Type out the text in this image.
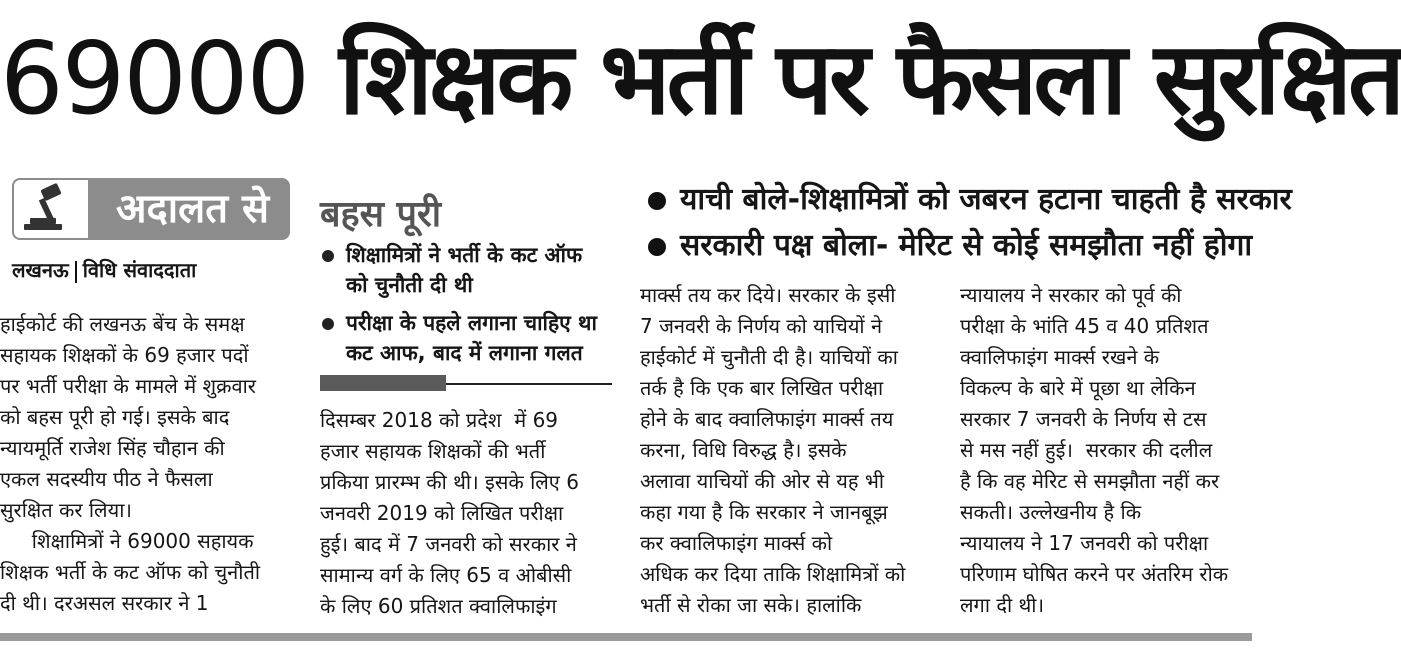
69000 शिक्षक भर्ती पर फैसला सुरक्षित
अदालत से
लखनऊ विधि संवाददाता

हाईकोर्ट की लखनऊ बेंच के समक्ष

सहायक शिक्षकों के 69 हजार पदों

पर भर्ती परीक्षा के मामले में शुक्रवार

को बहस पूरी हो गई। इसके बाद

न्यायमूर्ति राजेश सिंह चौहान की

एकल सदस्यीय पीठ ने फैसला

सुरक्षित कर लिया।

शिक्षामित्रों ने 69000 सहायक

शिक्षक भर्ती के कट ऑफ को चुनौती

दी थी। दरअसल सरकार ने 1

बहस पूरी
शिक्षामित्रों ने भर्ती के कट ऑफ
को चुनौती दी थी
परीक्षा के पहले लगाना चाहिए था
कट आफ, बाद में लगाना गलत

दिसम्बर 2018 को प्रदेश  में 69

हजार सहायक शिक्षकों की भर्ती

प्रकिया प्रारम्भ की थी। इसके लिए 6

जनवरी 2019 को लिखित परीक्षा

हुई। बाद में 7 जनवरी को सरकार ने

सामान्य वर्ग के लिए 65 व ओबीसी

के लिए 60 प्रतिशत क्वालिफाइंग

याची बोले-शिक्षामित्रों को जबरन हटाना चाहती है सरकार
सरकारी पक्ष बोला- मेरिट से कोई समझौता नहीं होगा

मार्क्स तय कर दिये। सरकार के इसी

7 जनवरी के निर्णय को याचियों ने

हाईकोर्ट में चुनौती दी है। याचियों का

तर्क है कि एक बार लिखित परीक्षा

होने के बाद क्वालिफाइंग मार्क्स तय

करना, विधि विरुद्ध है। इसके

अलावा याचियों की ओर से यह भी

कहा गया है कि सरकार ने जानबूझ

कर क्वालिफाइंग मार्क्स को

अधिक कर दिया ताकि शिक्षामित्रों को

भर्ती से रोका जा सके। हालांकि

न्यायालय ने सरकार को पूर्व की

परीक्षा के भांति 45 व 40 प्रतिशत

क्वालिफाइंग मार्क्स रखने के

विकल्प के बारे में पूछा था लेकिन

सरकार 7 जनवरी के निर्णय से टस

से मस नहीं हुई।  सरकार की दलील

है कि वह मेरिट से समझौता नहीं कर

सकती। उल्लेखनीय है कि

न्यायालय ने 17 जनवरी को परीक्षा

परिणाम घोषित करने पर अंतरिम रोक

लगा दी थी।
